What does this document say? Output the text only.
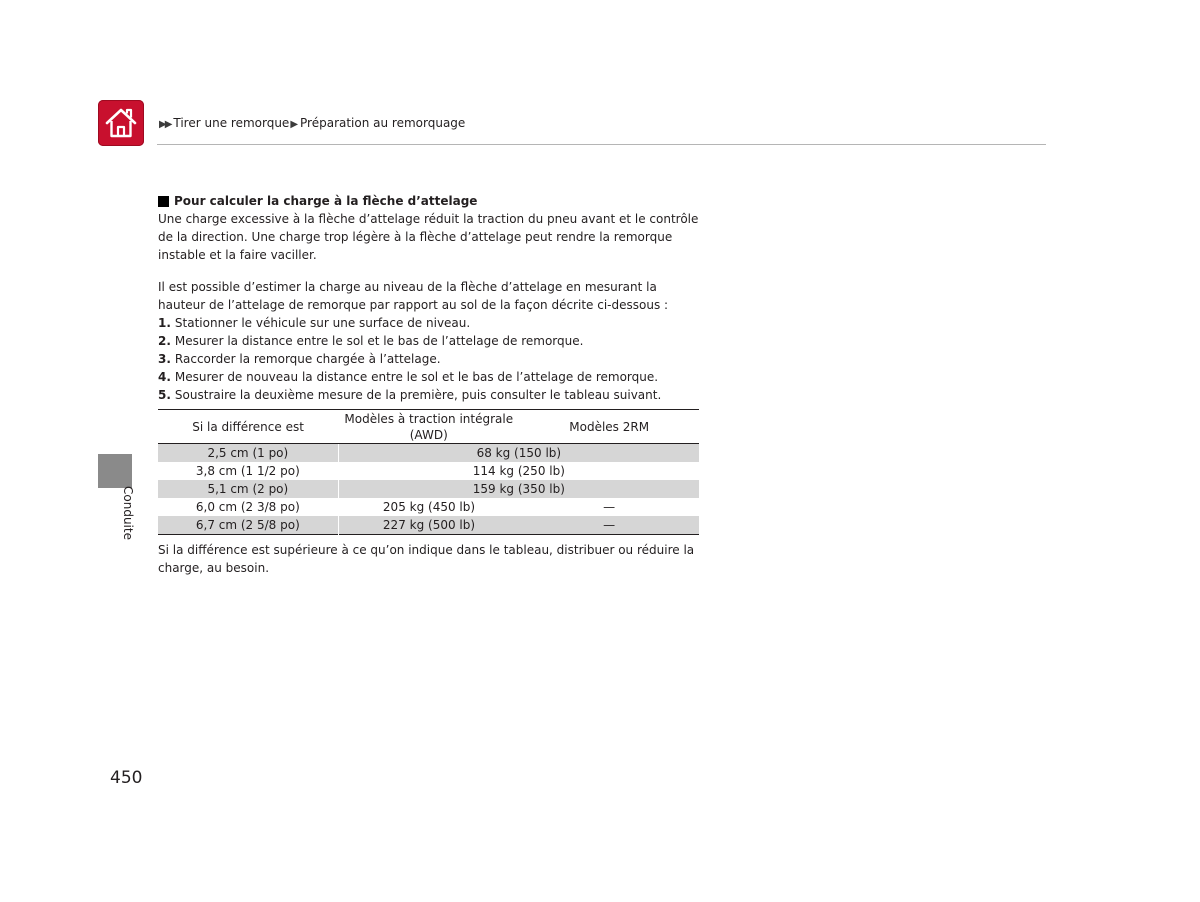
▶▶ Tirer une remorque▶ Préparation au remorquage
Conduite
Pour calculer la charge à la flèche d’attelage

Une charge excessive à la flèche d’attelage réduit la traction du pneu avant et le contrôle de la direction. Une charge trop légère à la flèche d’attelage peut rendre la remorque instable et la faire vaciller.

Il est possible d’estimer la charge au niveau de la flèche d’attelage en mesurant la hauteur de l’attelage de remorque par rapport au sol de la façon décrite ci-dessous :

1. Stationner le véhicule sur une surface de niveau.
2. Mesurer la distance entre le sol et le bas de l’attelage de remorque.
3. Raccorder la remorque chargée à l’attelage.
4. Mesurer de nouveau la distance entre le sol et le bas de l’attelage de remorque.
5. Soustraire la deuxième mesure de la première, puis consulter le tableau suivant.
Si la différence est	Modèles à traction intégrale (AWD)	Modèles 2RM
2,5 cm (1 po)	68 kg (150 lb)	
3,8 cm (1 1/2 po)	114 kg (250 lb)	
5,1 cm (2 po)	159 kg (350 lb)	
6,0 cm (2 3/8 po)	205 kg (450 lb)	—
6,7 cm (2 5/8 po)	227 kg (500 lb)	—

Si la différence est supérieure à ce qu’on indique dans le tableau, distribuer ou réduire la charge, au besoin.

450
